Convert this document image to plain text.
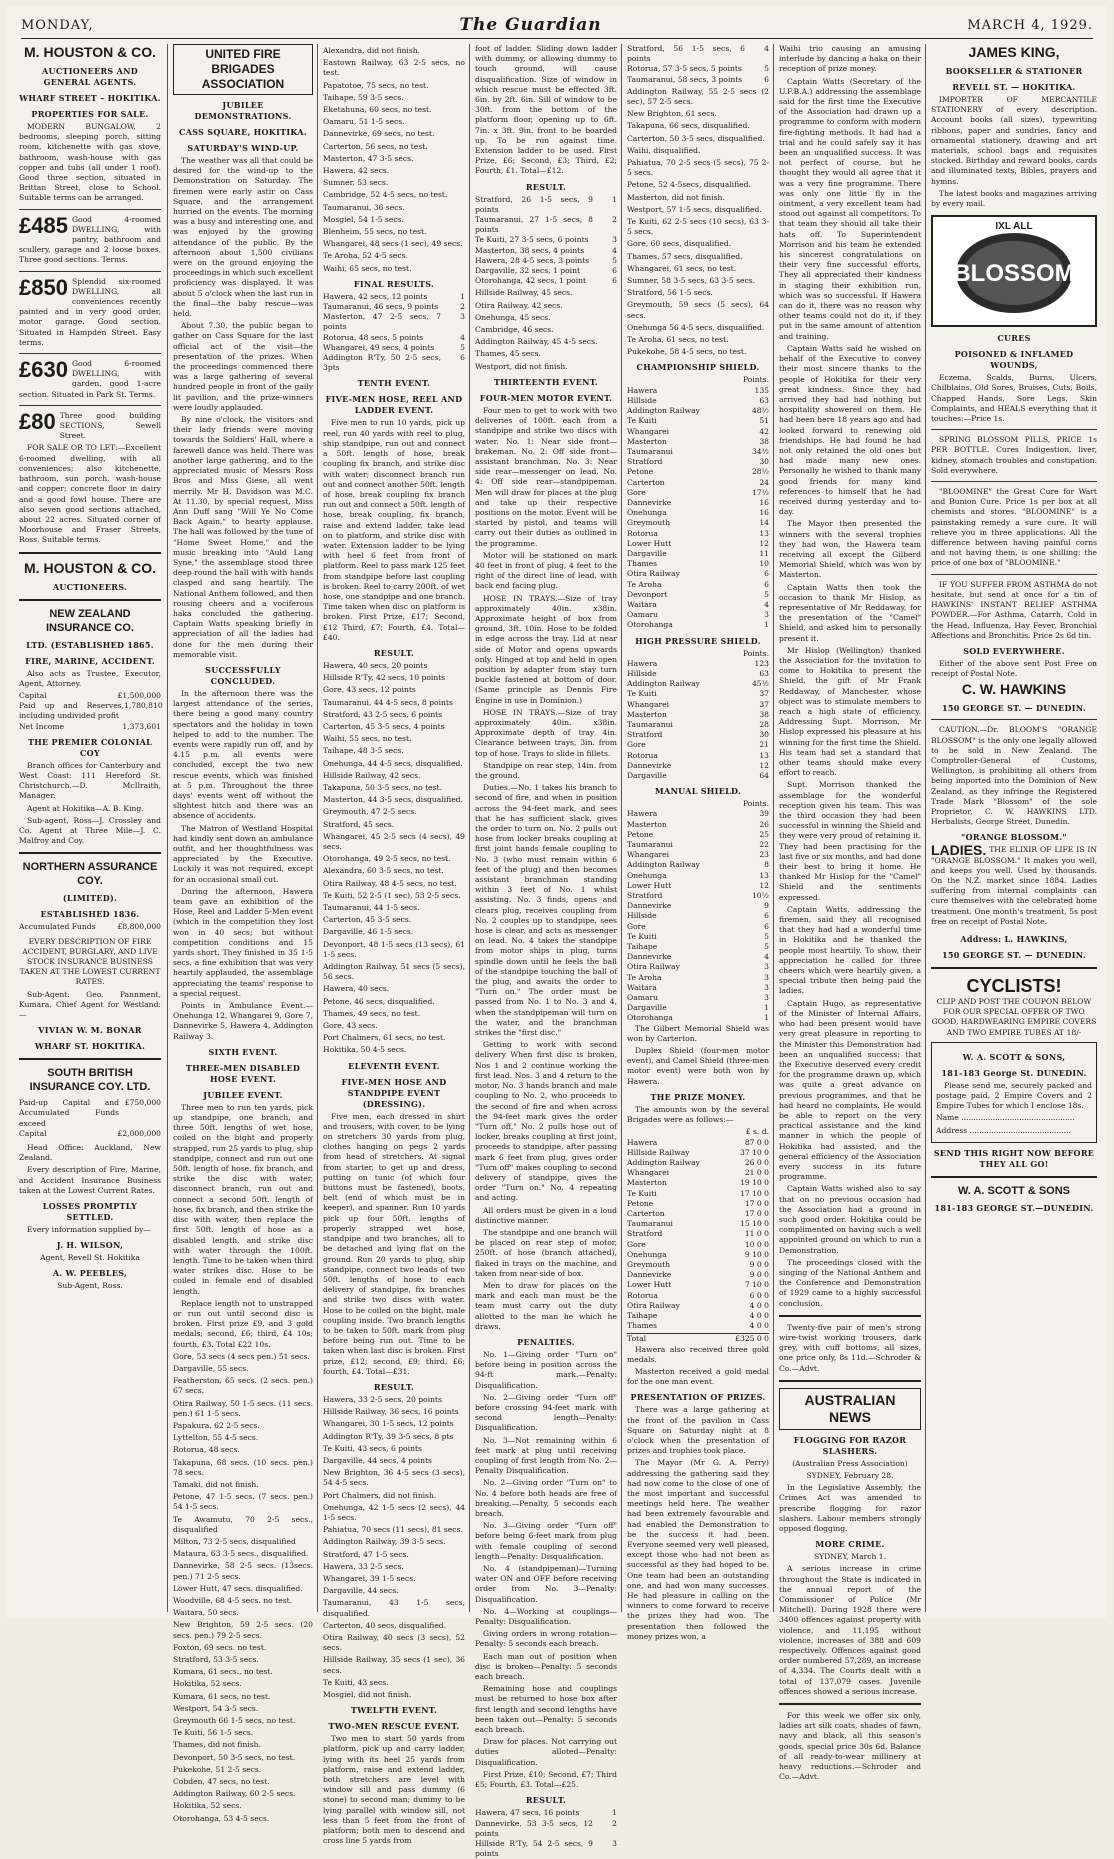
MONDAY,	The Guardian	MARCH 4, 1929.
M. HOUSTON & CO.
AUCTIONEERS AND GENERAL AGENTS.
WHARF STREET – HOKITIKA.
PROPERTIES FOR SALE.

MODERN BUNGALOW, 2 bedrooms, sleeping porch, sitting room, kitchenette with gas stove, bathroom, wash-house with gas copper and tubs (all under 1 roof). Good three section, situated in Brittan Street, close to School. Suitable terms can be arranged.

£485 Good 4-roomed DWELLING, with pantry, bathroom and scullery, garage and 2 loose boxes. Three good sections. Terms.

£850 Splendid six-roomed DWELLING, all conveniences recently painted and in very good order, motor garage. Good section. Situated in Hampden Street. Easy terms.

£630 Good 6-roomed DWELLING, with garden, good 1-acre section. Situated in Park St. Terms.

£80 Three good building SECTIONS, Sewell Street.

FOR SALE OR TO LET:—Excellent 6-roomed dwelling, with all conveniences; also kitchenette, bathroom, sun porch, wash-house and copper; concrete floor in dairy and a good fowl house. There are also seven good sections attached, about 22 acres. Situated corner of Moorhouse and Fraser Streets, Ross. Suitable terms.

M. HOUSTON & CO.
AUCTIONEERS.
NEW ZEALAND INSURANCE CO.
LTD. (ESTABLISHED 1865.
FIRE, MARINE, ACCIDENT.

Also acts as Trustee, Executor, Agent, Attorney.

Capital	£1,500,000
Paid up and Reserves, including undivided profit
1,780,810
Net Income	1,373,601
THE PREMIER COLONIAL COY

Branch offices for Canterbury and West Coast: 111 Hereford St. Christchurch.—D. McIlraith, Manager.

Agent at Hokitika—A. B. King.

Sub-agent, Ross—J. Crossley and Co. Agent at Three Mile—J. C. Malfroy and Coy.

NORTHERN ASSURANCE COY.
(LIMITED).
ESTABLISHED 1836.
Accumulated Funds	£8,800,000

EVERY DESCRIPTION OF FIRE ACCIDENT, BURGLARY, AND LIVE STOCK INSURANCE BUSINESS TAKEN AT THE LOWEST CURRENT RATES.

Sub-Agent: Geo. Pannment, Kumara. Chief Agent for Westland:—

VIVIAN W. M. BONAR
WHARF ST. HOKITIKA.
SOUTH BRITISH INSURANCE COY. LTD.
Paid-up Capital and Accumulated Funds exceed
£750,000
Capital	£2,000,000

Head Office: Auckland, New Zealand.

Every description of Fire, Marine, and Accident Insurance Business taken at the Lowest Current Rates.

LOSSES PROMPTLY SETTLED.

Every information supplied by—

J. H. WILSON,

Agent, Revell St. Hokitika

A. W. PEEBLES,

Sub-Agent, Ross.

UNITED FIRE BRIGADES ASSOCIATION
JUBILEE DEMONSTRATIONS.
CASS SQUARE, HOKITIKA.
SATURDAY'S WIND-UP.

The weather was all that could be desired for the wind-up to the Demonstration on Saturday. The firemen were early astir on Cass Square, and the arrangement hurried on the events. The morning was a busy and interesting one, and was enjoyed by the growing attendance of the public. By the afternoon about 1,500 civilians were on the ground enjoying the proceedings in which such excellent proficiency was displayed. It was about 5 o'clock when the last run in the final—the baby rescue—was held.

About 7.30, the public began to gather on Cass Square for the last official act of the visit—the presentation of the prizes. When the proceedings commenced there was a large gathering of several hundred people in front of the gaily lit pavilion, and the prize-winners were loudly applauded.

By nine o'clock, the visitors and their lady friends were moving towards the Soldiers' Hall, where a farewell dance was held. There was another large gathering, and to the appreciated music of Messrs Ross Bros and Miss Giese, all went merrily. Mr H. Davidson was M.C. At 11.30, by special request, Miss Ann Duff sang "Will Ye No Come Back Again," to hearty applause. The hall was followed by the tune of "Home Sweet Home," and the music breaking into "Auld Lang Syne," the assemblage stood three deep round the hall with with hands clasped and sang heartily. The National Anthem followed, and then rousing cheers and a vociferous haka concluded the gathering. Captain Watts speaking briefly in appreciation of all the ladies had done for the men during their memorable visit.

SUCCESSFULLY CONCLUDED.

In the afternoon there was the largest attendance of the series, there being a good many country spectators and the holiday in town helped to add to the number. The events were rapidly run off, and by 4.15 p.m. all events were concluded, except the two new rescue events, which was finished at 5 p.m. Throughout the three days' events went off without the slightest hitch and there was an absence of accidents.

The Matron of Westland Hospital had kindly sent down an ambulance outfit, and her thoughtfulness was appreciated by the Executive. Luckily it was not required, except for an occasional small cut.

During the afternoon, Hawera team gave an exhibition of the Hose, Reel and Ladder 5-Men event (which in the competition they lost won in 40 secs; but without competition conditions and 15 yards short. They finished in 35 1-5 secs, a fine exhibition that was very heartily applauded, the assemblage appreciating the teams' response to a special request.

Points in Ambulance Event.—Onehunga 12, Whangarei 9, Gore 7, Dannevirke 5, Hawera 4, Addington Railway 3.

SIXTH EVENT.
THREE-MEN DISABLED HOSE EVENT.
JUBILEE EVENT.

Three men to run ten yards, pick up standpipe, one branch, and three 50ft. lengths of wet hose, coiled on the bight and properly strapped, run 25 yards to plug, ship standpipe, connect and run out one 50ft. length of hose, fix branch, and strike the disc with water, disconnect branch, run out and connect a second 50ft. length of hose, fix branch, and then strike the disc with water, then replace the first 50ft. length of hose as a disabled length, and strike disc with water through the 100ft. length. Time to be taken when third water strikes disc. Hose to be coiled in female end of disabled length.

Replace length not to unstrapped or run out until second disc is broken. First prize £9, and 3 gold medals; second, £6; third, £4 10s; fourth, £3. Total £22 10s.

Gore, 53 secs (4 secs pen.) 51 secs.
Dargaville, 55 secs.
Featherston, 65 secs. (2 secs. pen.) 67 secs.
Otira Railway, 50 1-5 secs. (11 secs. pen.) 61 1-5 secs.
Papakura, 62 2-5 secs.
Lyttelton, 55 4-5 secs.
Rotorua, 48 secs.
Takapuna, 68 secs. (10 secs. pen.) 78 secs.
Tamaki, did not finish.
Petone, 47 1-5 secs. (7 secs. pen.) 54 1-5 secs.
Te Awamutu, 70 2-5 secs., disqualified
Milton, 73 2-5 secs, disqualified
Mataura, 63 3-5 secs., disqualified.
Dannevirke, 58 2-5 secs. (13secs. pen.) 71 2-5 secs.
Lower Hutt, 47 secs. disqualified.
Woodville, 68 4-5 secs. no test.
Waitara, 50 secs.
New Brighton, 59 2-5 secs. (20 secs. pen.) 79 2-5 secs.
Foxton, 69 secs. no test.
Stratford, 53 3-5 secs.
Kumara, 61 secs., no test.
Hokitika, 52 secs.
Kumara, 61 secs, no test.
Westport, 54 3-5 secs.
Greymouth 66 1-5 secs, no test.
Te Kuiti, 56 1-5 secs.
Thames, did not finish.
Devonport, 50 3-5 secs, no test.
Pukekohe, 51 2-5 secs.
Cobden, 47 secs, no test.
Addington Railway, 60 2-5 secs.
Hokitika, 52 secs.
Otorohanga, 53 4-5 secs.
Alexandra, did not finish.
Eastown Railway, 63 2-5 secs, no test.
Papatotoe, 75 secs, no test.
Taihape, 59 3-5 secs.
Eketahuna, 60 secs, no test.
Oamaru, 51 1-5 secs.
Dannevirke, 69 secs, no test.
Carterton, 56 secs, no test.
Masterton, 47 3-5 secs.
Hawera, 42 secs.
Sumner, 53 secs.
Cambridge, 52 4-5 secs, no test.
Taumaranui, 36 secs.
Mosgiel, 54 1-5 secs.
Blenheim, 55 secs, no test.
Whangarei, 48 secs (1 sec), 49 secs.
Te Aroha, 52 4-5 secs.
Waihi, 65 secs, no test.
FINAL RESULTS.
Hawera, 42 secs, 12 points	1
Taumaranui, 46 secs, 9 points	2
Masterton, 47 2-5 secs, 7 points
3
Rotorua, 48 secs, 5 points	4
Whangarei, 49 secs, 4 points	5
Addington R'Ty, 50 2-5 secs, 3pts
6
TENTH EVENT.
FIVE-MEN HOSE, REEL AND LADDER EVENT.

Five men to run 10 yards, pick up reel, run 40 yards with reel to plug, ship standpipe, run out and connect a 50ft. length of hose, break coupling fix branch, and strike disc with water; disconnect branch run out and connect another 50ft. length of hose, break coupling fix branch run out and connect a 50ft. length of hose, break coupling, fix branch, raise and extend ladder, take lead on to platform, and strike disc with water. Extension ladder to be lying with heel 6 feet from front of platform. Reel to pass mark 125 feet from standpipe before last coupling is broken. Reel to carry 200ft. of wet hose, one standpipe and one branch. Time taken when disc on platform is broken. First Prize, £17; Second, £12 Third, £7; Fourth, £4. Total—£40.

RESULT.
Hawera, 40 secs, 20 points
Hillside R'Ty, 42 secs, 10 points
Gore, 43 secs, 12 points
Taumaranui, 44 4-5 secs, 8 points
Stratford, 43 2-5 secs, 6 points
Carterton, 45 3-5 secs, 4 points
Waihi, 55 secs, no test.
Taihape, 48 3-5 secs.
Onehunga, 44 4-5 secs, disqualified.
Hillside Railway, 42 secs.
Takapuna, 50 3-5 secs, no test.
Masterton, 44 3-5 secs, disqualified.
Greymouth, 47 2-5 secs.
Stratford, 45 secs.
Whangarei, 45 2-5 secs (4 secs), 49 secs.
Otorohanga, 49 2-5 secs, no test.
Alexandra, 60 3-5 secs, no test.
Otira Railway, 48 4-5 secs, no test.
Te Kuiti, 52 2-5 (1 sec), 53 2-5 secs.
Taumaranui, 44 1-5 secs.
Carterton, 45 3-5 secs.
Dargaville, 46 1-5 secs.
Devonport, 48 1-5 secs (13 secs), 61 1-5 secs.
Addington Railway, 51 secs (5 secs), 56 secs.
Hawera, 40 secs.
Petone, 46 secs, disqualified.
Thames, 49 secs, no test.
Gore, 43 secs.
Port Chalmers, 61 secs, no test.
Hokitika, 50 4-5 secs.
ELEVENTH EVENT.
FIVE-MEN HOSE AND STANDPIPE EVENT (DRESSING).

Five men, each dressed in shirt and trousers, with cover, to be lying on stretchers 30 yards from plug, clothes hanging on pegs 2 yards from head of stretchers. At signal from starter, to get up and dress, putting on tunic (of which four buttons must be fastened), boots, belt (end of which must be in keeper), and spanner. Run 10 yards pick up four 50ft. lengths of properly strapped wet hose, standpipe and two branches, all to be detached and lying flat on the ground. Run 20 yards to plug, ship standpipe, connect two leads of two 50ft. lengths of hose to each delivery of standpipe, fix branches and strike two discs with water. Hose to be coiled on the bight, male coupling inside. Two branch lengths to be taken to 50ft. mark from plug before being run out. Time to be taken when last disc is broken. First prize, £12; second, £9; third, £6; fourth, £4. Total—£31.

RESULT.
Hawera, 33 2-5 secs, 20 points
Hillside Railway, 36 secs, 16 points
Whangarei, 30 1-5 secs, 12 points
Addington R'Ty, 39 3-5 secs, 8 pts
Te Kuiti, 43 secs, 6 points
Dargaville, 44 secs, 4 points
New Brighton, 36 4-5 secs (3 secs), 54 4-5 secs.
Port Chalmers, did not finish.
Onehunga, 42 1-5 secs (2 secs), 44 1-5 secs.
Pahiatua, 70 secs (11 secs), 81 secs.
Addington Railway, 39 3-5 secs.
Stratford, 47 1-5 secs.
Hawera, 33 2-5 secs.
Whangarei, 39 1-5 secs.
Dargaville, 44 secs.
Taumaranui, 43 1-5 secs, disqualified.
Carterton, 40 secs, disqualified.
Otira Railway, 40 secs (3 secs), 52 secs.
Hillside Railway, 35 secs (1 sec), 36 secs.
Te Kuiti, 43 secs.
Mosgiel, did not finish.
TWELFTH EVENT.
TWO-MEN RESCUE EVENT.

Two men to start 50 yards from platform, pick up and carry ladder, lying with its heel 25 yards from platform, raise and extend ladder, both stretchers are level with window sill and pass dummy (6 stone) to second man; dummy to be lying parallel with window sill, not less than 5 feet from the front of platform; both men to descend and cross line 5 yards from

foot of ladder. Sliding down ladder with dummy, or allowing dummy to touch ground, will cause disqualification. Size of window in which rescue must be effected 3ft. 6in. by 2ft. 6in. Sill of window to be 30ft. from the bottom of the platform floor, opening up to 6ft. 7in. x 3ft. 9in. front to be boarded up. To be run against time. Extension ladder to be used. First Prize, £6; Second, £3; Third, £2; Fourth, £1. Total—£12.

RESULT.
Stratford, 26 1-5 secs, 9 points
1
Taumaranui, 27 1-5 secs, 8 points
2
Te Kuiti, 27 3-5 secs, 6 points	3
Masterton, 38 secs, 4 points	4
Hawera, 28 4-5 secs, 3 points	5
Dargaville, 32 secs, 1 point	6
Otorohanga, 42 secs, 1 point	6
Hillside Railway, 45 secs.
Otira Railway, 42 secs.
Onehunga, 45 secs.
Cambridge, 46 secs.
Addington Railway, 45 4-5 secs.
Thames, 45 secs.
Westport, did not finish.
THIRTEENTH EVENT.
FOUR-MEN MOTOR EVENT.

Four men to get to work with two deliveries of 100ft. each from a standpipe and strike two discs with water. No. 1: Near side front—brakeman. No. 2: Off side front—assistant branchman. No. 3: Near side rear—messenger on lead. No. 4: Off side rear—standpipeman. Men will draw for places at the plug and take up their respective positions on the motor. Event will be started by pistol, and teams will carry out their duties as outlined in the programme.

Motor will be stationed on mark 40 feet in front of plug, 4 feet to the right of the direct line of lead, with back end facing plug.

HOSE IN TRAYS.—Size of tray approximately 40in. x38in. Approximate height of box from ground, 3ft. 10in. Hose to be folded in edge across the tray. Lid at near side of Motor and opens upwards only. Hinged at top and held in open position by adapter from stay turn buckle fastened at bottom of door. (Same principle as Dennis Fire Engine in use in Dominion.)

HOSE IN TRAYS.—Size of tray approximately 40in. x38in. Approximate depth of tray 4in. Clearance between trays, 3in. from top of hose. Trays to slide in fillets.

Standpipe on rear step, 14in. from the ground.

Duties.—No. 1 takes his branch to second of fire, and when in position across the 94-feet mark, and sees that he has sufficient slack, gives the order to turn on. No. 2 pulls out hose from locker breaks coupling at first joint hands female coupling to No. 3 (who must remain within 6 feet of the plug) and then becomes assistant branchman standing within 3 feet of No. 1 whilst assisting. No. 3 finds, opens and clears plug, receives coupling from No. 2 couples up to standpipe, sees hose is clear, and acts as messenger on lead. No. 4 takes the standpipe from motor ships in plug, turns spindle down until he feels the ball of the standpipe touching the ball of the plug, and awaits the order to "Turn on." The order must be passed from No. 1 to No. 3 and 4, when the standpipeman will turn on the water, and the branchman strikes the "first disc."

Getting to work with second delivery When first disc is broken, Nos 1 and 2 continue working the first lead. Nos. 3 and 4 return to the motor, No. 3 hands branch and male coupling to No. 2, who proceeds to the second of fire and when across the 94-feet mark gives the order "Turn off," No. 2 pulls hose out of locker, breaks coupling at first joint, proceeds to standpipe, after passing mark 6 feet from plug, gives order "Turn off" makes coupling to second delivery of standpipe, gives the order "Turn on." No. 4 repeating and acting.

All orders must be given in a loud distinctive manner.

The standpipe and one branch will be placed on rear step of motor, 250ft. of hose (branch attached), flaked in trays on the machine, and taken from near side of box.

Men to draw for places on the mark and each man must be the team must carry out the duty allotted to the man he which he draws.

PENALTIES.

No. 1—Giving order "Turn on" before being in position across the 94-ft mark.—Penalty: Disqualification.

No. 2—Giving order "Turn off" before crossing 94-feet mark with second length—Penalty: Disqualification.

No. 3—Not remaining within 6 feet mark at plug until receiving coupling of first length from No. 2—Penalty Disqualification.

No. 2—Giving order "Turn on" to No. 4 before both heads are free of breaking.—Penalty, 5 seconds each breach.

No. 3—Giving order "Turn off" before being 6-feet mark from plug with female coupling of second length—Penalty: Disqualification.

No. 4 (standpipeman)—Turning water ON and OFF before receiving order from No. 3—Penalty: Disqualification.

No. 4—Working at couplings—Penalty: Disqualification.

Giving orders in wrong rotation—Penalty: 5 seconds each breach.

Each man out of position when disc is broken—Penalty: 5 seconds each breach.

Remaining hose and couplings must be returned to hose box after first length and second lengths have been taken out—Penalty: 5 seconds each breach.

Draw for places. Not carrying out duties alloted—Penalty: Disqualification.

First Prize, £10; Second, £7; Third £5; Fourth, £3. Total—£25.

RESULT.
Hawera, 47 secs, 16 points	1
Dannevirke, 53 3-5 secs, 12 points
2
Hillside R'Ty, 54 2-5 secs, 9 points
3
Stratford, 56 1-5 secs, 6 points
4
Rotorua, 57 3-5 secs, 5 points	5
Taumaranui, 58 secs, 3 points	6
Addington Railway, 55 2-5 secs (2 sec), 57 2-5 secs.
New Brighton, 61 secs.
Takapuna, 66 secs, disqualified.
Carterton, 50 3-5 secs, disqualified.
Waihi, disqualified.
Pahiatua, 70 2-5 secs (5 secs), 75 2-5 secs.
Petone, 52 4-5secs, disqualified.
Masterton, did not finish.
Westport, 57 1-5 secs, disqualified.
Te Kuiti, 62 2-5 secs (10 secs), 63 3-5 secs.
Gore, 60 secs, disqualified.
Thames, 57 secs, disqualified.
Whangarei, 61 secs, no test.
Sumner, 58 3-5 secs, 63 3-5 secs.
Stratford, 56 1-5 secs.
Greymouth, 59 secs (5 secs), 64 secs.
Onehunga 56 4-5 secs, disqualified.
Te Aroha, 61 secs, no test.
Pukekohe, 58 4-5 secs, no test.
CHAMPIONSHIP SHIELD.
Points.
Hawera	135
Hillside	63
Addington Railway	48½
Te Kuiti	51
Whangarei	42
Masterton	38
Taumaranui	34½
Stratford	30
Petone	28½
Carterton	24
Gore	17½
Dannevirke	16
Onehunga	16
Greymouth	14
Rotorua	13
Lower Hutt	12
Dargaville	11
Thames	10
Otira Railway	6
Te Aroha	6
Devonport	5
Waitara	4
Oamaru	3
Otorohanga	1
HIGH PRESSURE SHIELD.
Points.
Hawera	123
Hillside	63
Addington Railway	45½
Te Kuiti	37
Whangarei	37
Masterton	38
Taumaranui	28
Stratford	30
Gore	21
Rotorua	13
Dannevirke	12
Dargaville	64
MANUAL SHIELD.
Points.
Hawera	39
Masterton	26
Petone	25
Taumaranui	22
Whangarei	23
Addington Railway	8
Onehunga	13
Lower Hutt	12
Stratford	10½
Dannevirke	9
Hillside	6
Gore	6
Te Kuiti	5
Taihape	5
Dannevirke	4
Otira Railway	3
Te Aroha	3
Waitara	3
Oamaru	3
Dargaville	1
Otorohanga	1

The Gilbert Memorial Shield was won by Carterton.

Duplex Shield (four-men motor event), and Camel Shield (three-men motor event) were both won by Hawera.

THE PRIZE MONEY.

The amounts won by the several Brigades were as follows:—

£ s. d.
Hawera	87 0 0
Hillside Railway	37 10 0
Addington Railway	26 0 0
Whangarei	21 0 0
Masterton	19 10 0
Te Kuiti	17 10 0
Petone	17 0 0
Carterton	17 0 0
Taumaranui	15 10 0
Stratford	11 0 0
Gore	10 0 0
Onehunga	9 10 0
Greymouth	9 0 0
Dannevirke	9 0 0
Lower Hutt	7 10 0
Rotorua	6 0 0
Otira Railway	4 0 0
Taihape	4 0 0
Thames	4 0 0
Total	£325 0 0

Hawera also received three gold medals.

Masterton received a gold medal for the one man event.

PRESENTATION OF PRIZES.

There was a large gathering at the front of the pavilion in Cass Square on Saturday night at 8 o'clock when the presentation of prizes and trophies took place.

The Mayor (Mr G. A. Perry) addressing the gathering said they had now come to the close of one of the most important and successful meetings held here. The weather had been extremely favourable and had enabled the Demonstration to be the success it had been. Everyone seemed very well pleased, except those who had not been as successful as they had hoped to be. One team had been an outstanding one, and had won many successes. He had pleasure in calling on the winners to come forward to receive the prizes they had won. The presentation then followed the money prizes won, a

Waihi trio causing an amusing interlude by dancing a haka on their reception of prize money.

Captain Watts (Secretary of the U.F.B.A.) addressing the assemblage said for the first time the Executive of the Association had drawn up a programme to conform with modern fire-fighting methods. It had had a trial and he could safely say it has been an unqualified success. It was not perfect of course, but he thought they would all agree that it was a very fine programme. There was only one little fly in the ointment, a very excellent team had stood out against all competitors. To that team they should all take their hats off. To Superintendent Morrison and his team he extended his sincerest congratulations on their very fine successful efforts. They all appreciated their kindness in staging their exhibition run, which was so successful. If Hawera can do it, there was no reason why other teams could not do it, if they put in the same amount of attention and training.

Captain Watts said he wished on behalf of the Executive to convey their most sincere thanks to the people of Hokitika for their very great kindness. Since they had arrived they had had nothing but hospitality showered on them. He had been here 18 years ago and had looked forward to renewing old friendships. He had found he had not only retained the old ones but had made many new ones. Personally he wished to thank many good friends for many kind references to himself that he had received during yesterday and to-day.

The Mayor then presented the winners with the several trophies they had won, the Hawera team receiving all except the Gilberd Memorial Shield, which was won by Masterton.

Captain Watts then took the occasion to thank Mr Hislop, as representative of Mr Reddaway, for the presentation of the "Camel" Shield, and asked him to personally present it.

Mr Hislop (Wellington) thanked the Association for the invitation to come to Hokitika to present the Shield, the gift of Mr Frank Reddaway, of Manchester, whose object was to stimulate members to reach a high state of efficiency. Addressing Supt. Morrison, Mr Hislop expressed his pleasure at his winning for the first time the Shield. His team had set a standard that other teams should make every effort to reach.

Supt. Morrison thanked the assemblage for the wonderful reception given his team. This was the third occasion they had been successful in winning the Shield and they were very proud of retaining it. They had been practising for the last five or six months, and had done their best to bring it home. He thanked Mr Hislop for the "Camel" Shield and the sentiments expressed.

Captain Watts, addressing the firemen, said they all recognised that they had had a wonderful time in Hokitika and he thanked the people most heartily. To show, their appreciation he called for three cheers which were heartily given, a special tribute then being paid the ladies.

Captain Hugo, as representative of the Minister of Internal Affairs, who had been present would have very great pleasure in reporting to the Minister this Demonstration had been an unqualified success; that the Executive deserved every credit for the programme drawn up, which was quite a great advance on previous programmes, and that he had heard no complaints. He would be able to report on the very practical assistance and the kind manner in which the people of Hokitika had assisted, and the general efficiency of the Association every success in its future programme.

Captain Watts wished also to say that on no previous occasion had the Association had a ground in such good order. Hokitika could be complimented on having such a well appointed ground on which to run a Demonstration.

The proceedings closed with the singing of the National Anthem and the Conference and Demonstration of 1929 came to a highly successful conclusion.

Twenty-five pair of men's strong wire-twist working trousers, dark grey, with cuff bottoms, all sizes, one price only, 8s 11d.—Schroder & Co.—Advt.

AUSTRALIAN NEWS
FLOGGING FOR RAZOR SLASHERS.

(Australian Press Association)

SYDNEY, February 28.

In the Legislative Assembly, the Crimes Act was amended to prescribe flogging for razor slashers. Labour members strongly opposed flogging.

MORE CRIME.

SYDNEY, March 1.

A serious increase in crime throughout the State is indicated in the annual report of the Commissioner of Police (Mr Mitchell). During 1928 there were 3400 offences against property with violence, and 11,195 without violence, increases of 388 and 609 respectively. Offences against good order numbered 57,289, an increase of 4,334. The Courts dealt with a total of 137,079 cases. Juvenile offences showed a serious increase.

For this week we offer six only, ladies art silk coats, shades of fawn, navy and black, all this season's goods, special price 30s 6d. Balance of all ready-to-wear millinery at heavy reductions.—Schroder and Co.—Advt.

JAMES KING,
BOOKSELLER & STATIONER
REVELL ST. — HOKITIKA.

IMPORTER OF MERCANTILE STATIONERY of every description. Account books (all sizes), typewriting ribbons, paper and sundries, fancy and ornamental stationery, drawing and art materials, school bags and requisites stocked. Birthday and reward books, cards and illuminated texts, Bibles, prayers and hymns.

The latest books and magazines arriving by every mail.

BLOSSOM
IXL ALL
CURES
POISONED & INFLAMED WOUNDS,

Eczema, Scalds, Burns, Ulcers, Chilblains, Old Sores, Bruises, Cuts, Boils, Chapped Hands, Sore Legs, Skin Complaints, and HEALS everything that it touches:—Price 1s.

SPRING BLOSSOM PILLS, PRICE 1s PER BOTTLE. Cures Indigestion, liver, kidney, stomach troubles and constipation. Sold everywhere.

"BLOOMINE" the Great Cure for Wart and Bunion Cure. Price 1s per box at all chemists and stores. "BLOOMINE" is a painstaking remedy a sure cure. It will relieve you in three applications. All the difference between having painful corns and not having them, is one shilling; the price of one box of "BLOOMINE."

IF YOU SUFFER FROM ASTHMA do not hesitate, but send at once for a tin of HAWKINS' INSTANT RELIEF ASTHMA POWDER.—For Asthma, Catarrh, Cold in the Head, Influenza, Hay Fever, Bronchial Affections and Bronchitis. Price 2s 6d tin.

SOLD EVERYWHERE.

Either of the above sent Post Free on receipt of Postal Note.

C. W. HAWKINS
150 GEORGE ST. — DUNEDIN.

CAUTION.—Dr. BLOOM'S "ORANGE BLOSSOM" is the only one legally allowed to be sold in New Zealand. The Comptroller-General of Customs, Wellington, is prohibiting all others from being imported into the Dominion of New Zealand, as they infringe the Registered Trade Mark "Blossom" of the sole Proprietor, C. W. HAWKINS LTD. Herbalists, George Street, Dunedin.

"ORANGE BLOSSOM."

LADIES. THE ELIXIR OF LIFE IS IN "ORANGE BLOSSOM." It makes you well, and keeps you well. Used by thousands. On the N.Z. market since 1884. Ladies suffering from internal complaints can cure themselves with the celebrated home treatment. One month's treatment, 5s post free on receipt of Postal Note.

Address: L. HAWKINS,
150 GEORGE ST. — DUNEDIN.
CYCLISTS!

CLIP AND POST THE COUPON BELOW FOR OUR SPECIAL OFFER OF TWO GOOD, HARDWEARING EMPIRE COVERS AND TWO EMPIRE TUBES AT 18/-

W. A. SCOTT & SONS,
181-183 George St. DUNEDIN.

Please send me, securely packed and postage paid, 2 Empire Covers and 2 Empire Tubes for which I enclose 18s.

Name ...............................................

Address ..........................................

SEND THIS RIGHT NOW BEFORE THEY ALL GO!
W. A. SCOTT & SONS
181-183 GEORGE ST.—DUNEDIN.
